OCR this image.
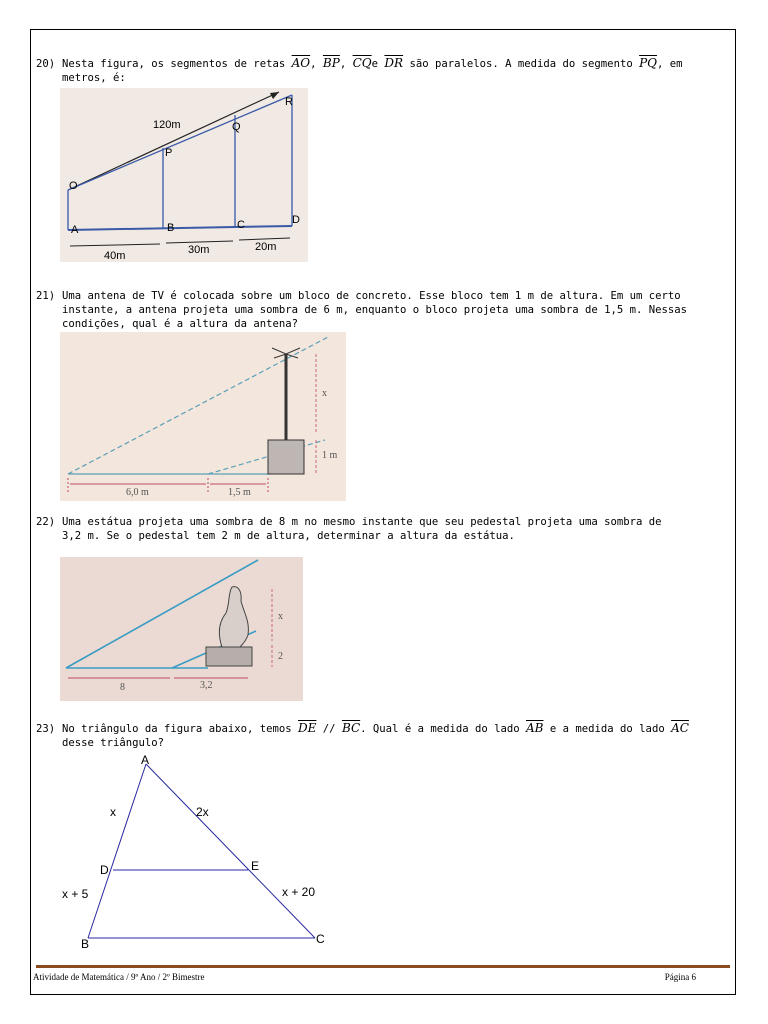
20) Nesta figura, os segmentos de retas $\overline{AO}$, $\overline{BP}$, $\overline{CQ}e$ $\overline{DR}$ são paralelos. A medida do segmento $\overline{PQ}$, em
metros, é:
120m
O
A
P
B
Q
C
R
D
40m	30m	20m
21) Uma antena de TV é colocada sobre um bloco de concreto. Esse bloco tem 1 m de altura. Em um certo
instante, a antena projeta uma sombra de 6 m, enquanto o bloco projeta uma sombra de 1,5 m. Nessas
condições, qual é a altura da antena?
x
1 m
6,0 m	1,5 m
22) Uma estátua projeta uma sombra de 8 m no mesmo instante que seu pedestal projeta uma sombra de
3,2 m. Se o pedestal tem 2 m de altura, determinar a altura da estátua.
x
2
8	3,2
23) No triângulo da figura abaixo, temos $\overline{DE} // \overline{BC}$. Qual é a medida do lado $\overline{AB}$ e a medida do lado $\overline{AC}$
desse triângulo?
A
B	C
D	E
x	2x
x + 5	x + 20
Atividade de Matemática / 9º Ano / 2º Bimestre	Página 6
